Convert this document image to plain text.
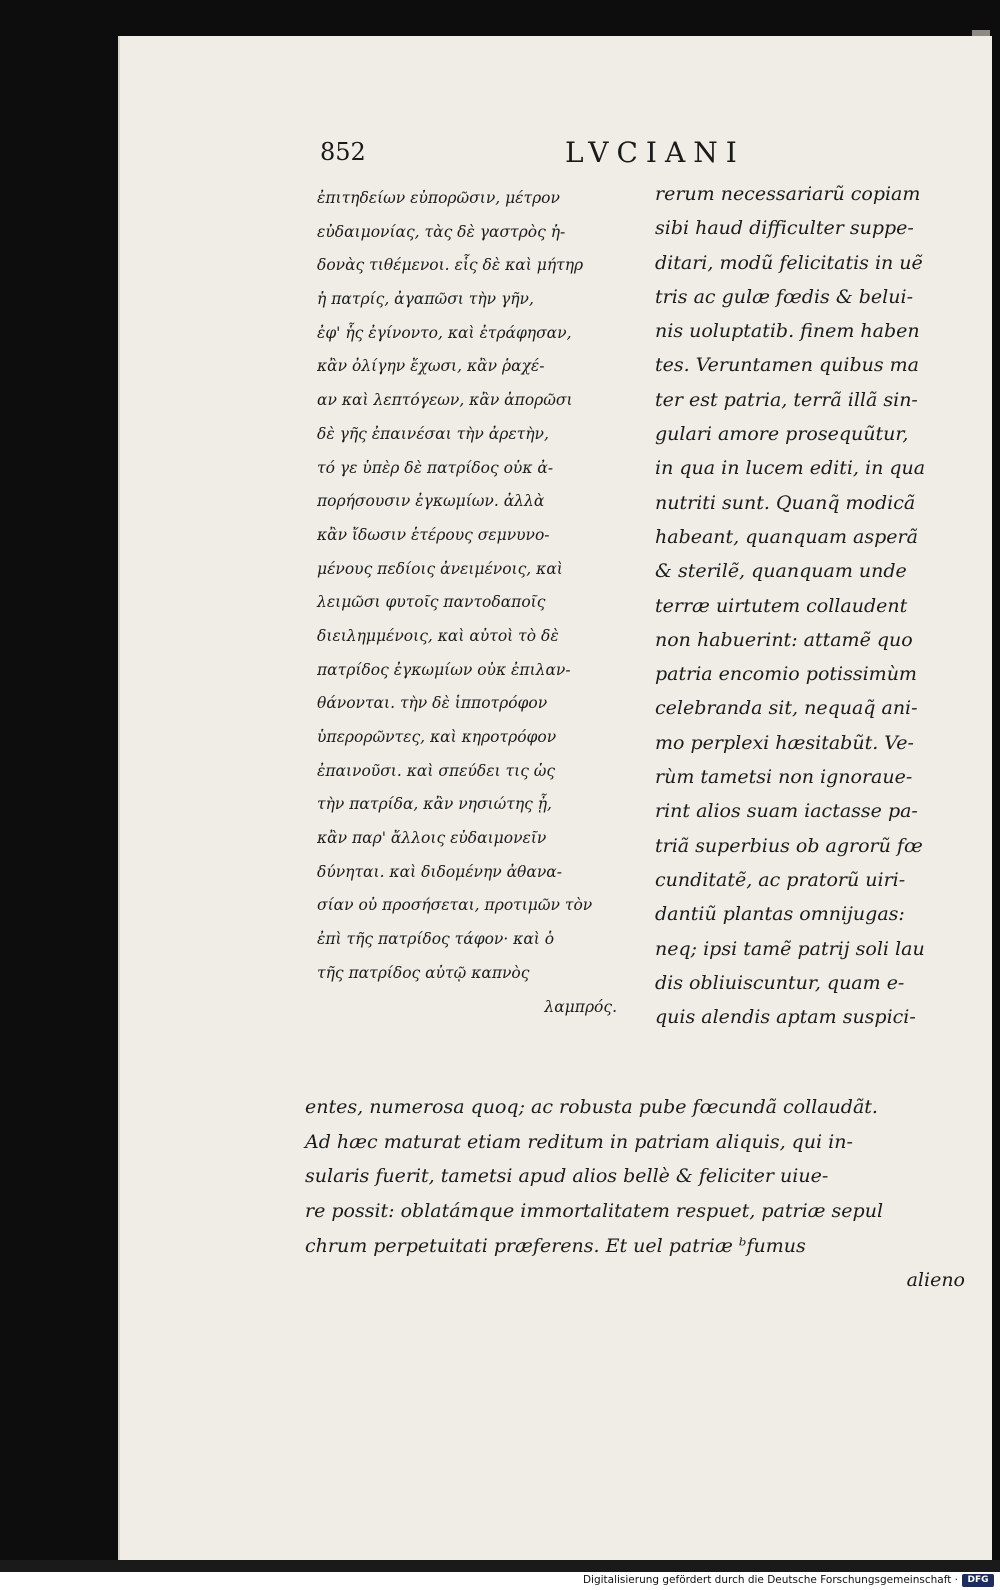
852	LVCIANI
ἐπιτηδείων εὐπορῶσιν, μέτρον
εὐδαιμονίας, τὰς δὲ γαστρὸς ἡ-
δονὰς τιθέμενοι. εἷς δὲ καὶ μήτηρ
ἡ πατρίς, ἀγαπῶσι τὴν γῆν,
ἐφ' ἧς ἐγίνοντο, καὶ ἐτράφησαν,
κἂν ὀλίγην ἔχωσι, κἂν ῥαχέ-
αν καὶ λεπτόγεων, κἂν ἀπορῶσι
δὲ γῆς ἐπαινέσαι τὴν ἀρετὴν,
τό γε ὑπὲρ δὲ πατρίδος οὐκ ἀ-
πορήσουσιν ἐγκωμίων. ἀλλὰ
κἂν ἴδωσιν ἑτέρους σεμνυνο-
μένους πεδίοις ἀνειμένοις, καὶ
λειμῶσι φυτοῖς παντοδαποῖς
διειλημμένοις, καὶ αὐτοὶ τὸ δὲ
πατρίδος ἐγκωμίων οὐκ ἐπιλαν-
θάνονται. τὴν δὲ ἱπποτρόφον
ὑπερορῶντες, καὶ κηροτρόφον
ἐπαινοῦσι. καὶ σπεύδει τις ὡς
τὴν πατρίδα, κἂν νησιώτης ᾖ,
κἂν παρ' ἄλλοις εὐδαιμονεῖν
δύνηται. καὶ διδομένην ἀθανα-
σίαν οὐ προσήσεται, προτιμῶν τὸν
ἐπὶ τῆς πατρίδος τάφον· καὶ ὁ
τῆς πατρίδος αὐτῷ καπνὸς
λαμπρός.
rerum necessariarũ copiam
sibi haud difficulter suppe-
ditari, modũ felicitatis in uẽ
tris ac gulæ fœdis & belui-
nis uoluptatib. finem haben
tes. Veruntamen quibus ma
ter est patria, terrã illã sin-
gulari amore prosequũtur,
in qua in lucem editi, in qua
nutriti sunt. Quanq̃ modicã
habeant, quanquam asperã
& sterilẽ, quanquam unde
terræ uirtutem collaudent
non habuerint: attamẽ quo
patria encomio potissimùm
celebranda sit, nequaq̃ ani-
mo perplexi hæsitabũt. Ve-
rùm tametsi non ignoraue-
rint alios suam iactasse pa-
triã superbius ob agrorũ fœ
cunditatẽ, ac pratorũ uiri-
dantiũ plantas omnijugas:
neq; ipsi tamẽ patrij soli lau
dis obliuiscuntur, quam e-
quis alendis aptam suspici-
entes, numerosa quoq; ac robusta pube fœcundã collaudãt.
Ad hæc maturat etiam reditum in patriam aliquis, qui in-
sularis fuerit, tametsi apud alios bellè & feliciter uiue-
re possit: oblatámque immortalitatem respuet, patriæ sepul
chrum perpetuitati præferens. Et uel patriæ ᵇfumus
alieno
Digitalisierung gefördert durch die Deutsche Forschungsgemeinschaft ·	DFG
